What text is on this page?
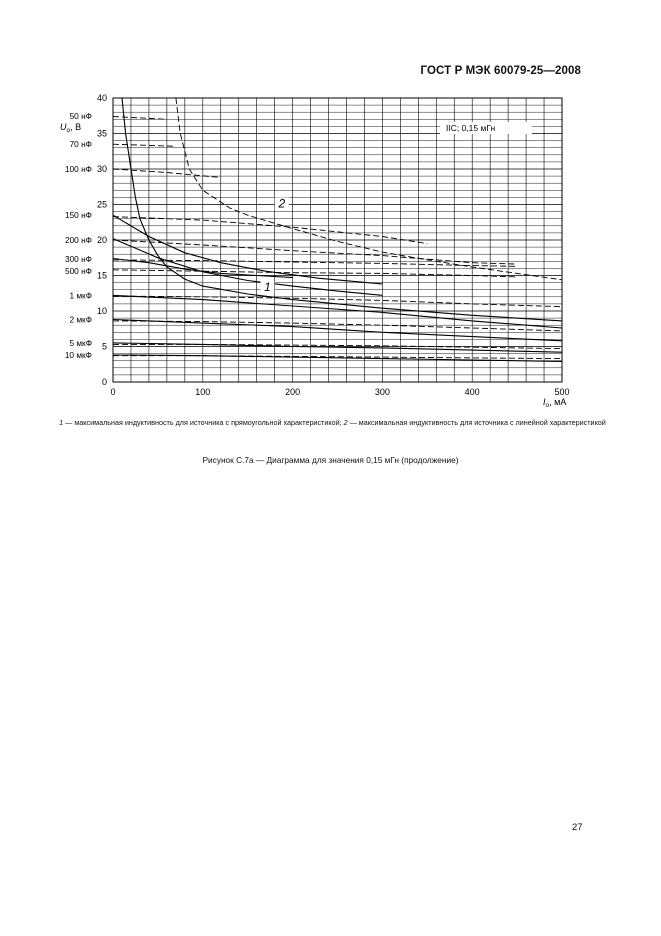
ГОСТ Р МЭК 60079-25—2008
0	100	200	300	400	500
0
5
10
15
20
25
30
35
40
50 нФ
70 нФ
100 нФ
150 нФ
200 нФ
300 нФ
500 нФ
1 мкФ
2 мкФ
5 мкФ
10 мкФ
1
2
IIC; 0,15 мГн
$U_o$, В
$I_o$, мА
1 — максимальная индуктивность для источника с прямоугольной характеристикой; 2 — максимальная индуктивность для источника с линейной характеристикой
Рисунок С.7а — Диаграмма для значения 0,15 мГн (продолжение)
27
